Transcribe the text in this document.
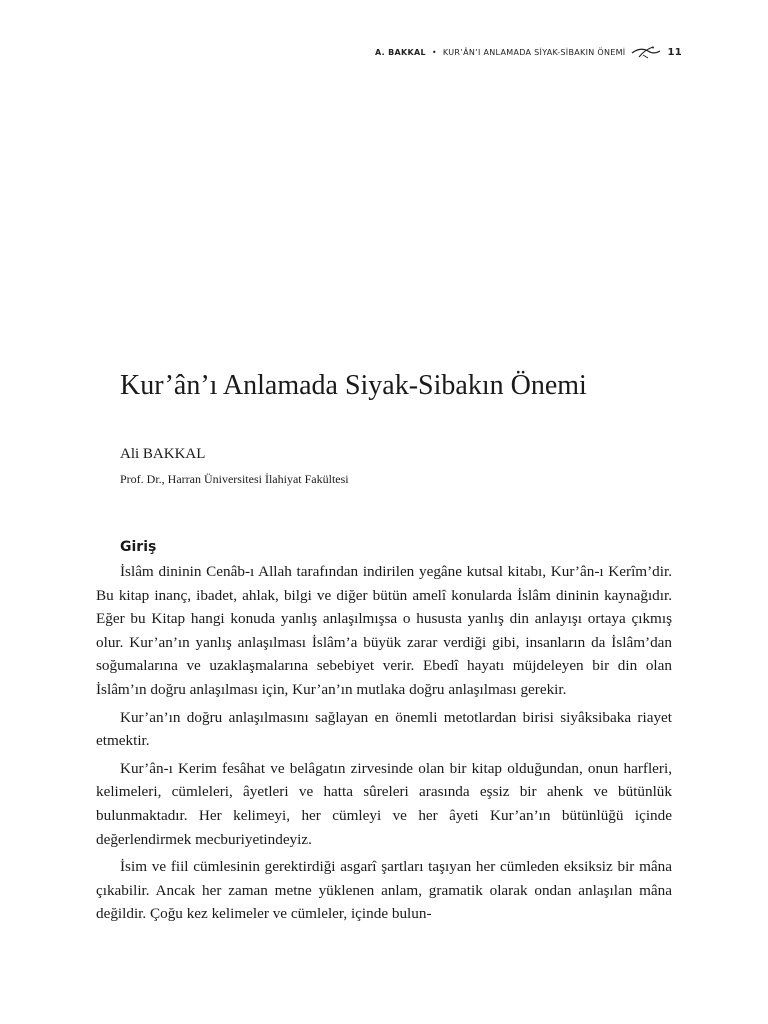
A. BAKKAL • KUR’ÂN’I ANLAMADA SİYAK-SİBAKIN ÖNEMİ	11
Kur’ân’ı Anlamada Siyak-Sibakın Önemi

Ali BAKKAL

Prof. Dr., Harran Üniversitesi İlahiyat Fakültesi

Giriş

İslâm dininin Cenâb-ı Allah tarafından indirilen yegâne kutsal kitabı, Kur’ân-ı Kerîm’dir. Bu kitap inanç, ibadet, ahlak, bilgi ve diğer bütün amelî konularda İslâm dininin kaynağıdır. Eğer bu Kitap hangi konuda yanlış anlaşılmışsa o hususta yanlış din anlayışı ortaya çıkmış olur. Kur’an’ın yanlış anlaşılması İslâm’a büyük zarar verdiği gibi, insanların da İslâm’dan soğumalarına ve uzaklaşmalarına sebebiyet verir. Ebedî hayatı müjdeleyen bir din olan İslâm’ın doğru anlaşılması için, Kur’an’ın mutlaka doğru anlaşılması gerekir.

Kur’an’ın doğru anlaşılmasını sağlayan en önemli metotlardan birisi siyâksibaka riayet etmektir.

Kur’ân-ı Kerim fesâhat ve belâgatın zirvesinde olan bir kitap olduğundan, onun harfleri, kelimeleri, cümleleri, âyetleri ve hatta sûreleri arasında eşsiz bir ahenk ve bütünlük bulunmaktadır. Her kelimeyi, her cümleyi ve her âyeti Kur’an’ın bütünlüğü içinde değerlendirmek mecburiyetindeyiz.

İsim ve fiil cümlesinin gerektirdiği asgarî şartları taşıyan her cümleden eksiksiz bir mâna çıkabilir. Ancak her zaman metne yüklenen anlam, gramatik olarak ondan anlaşılan mâna değildir. Çoğu kez kelimeler ve cümleler, içinde bulun-
